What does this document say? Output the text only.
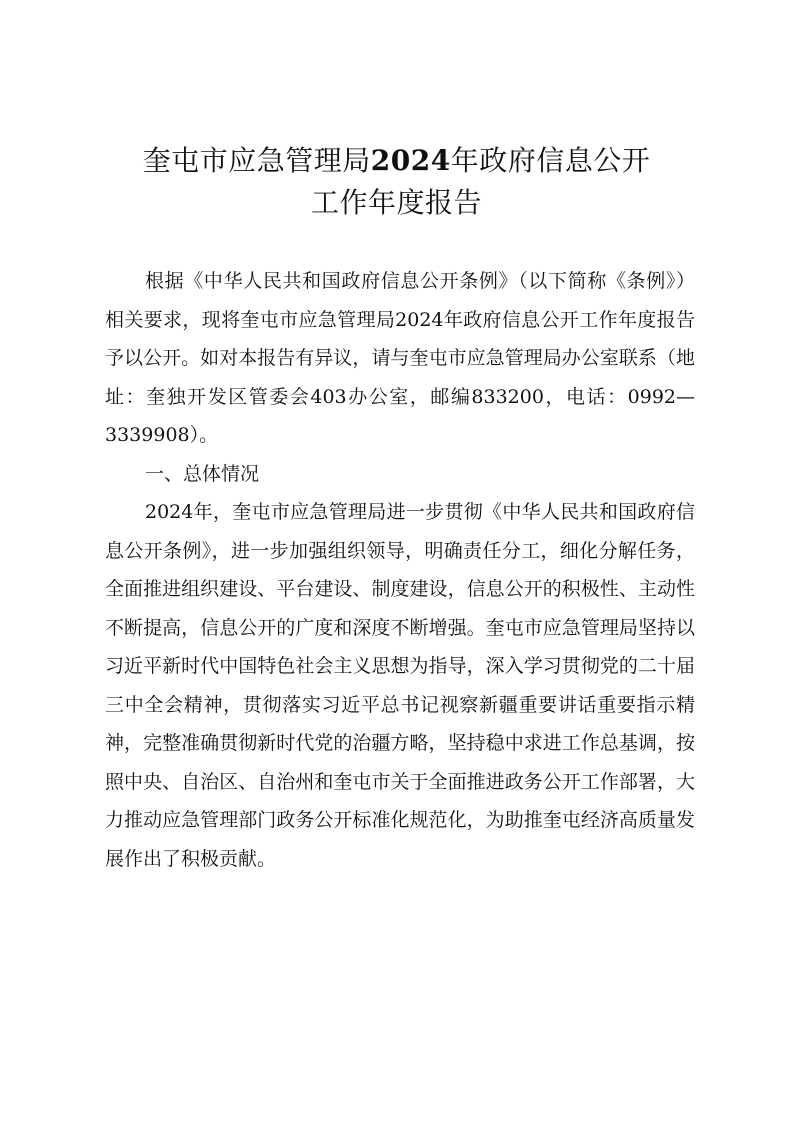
奎屯市应急管理局2024年政府信息公开
工作年度报告

根据《中华人民共和国政府信息公开条例》（以下简称《条例》）相关要求，现将奎屯市应急管理局2024年政府信息公开工作年度报告予以公开。如对本报告有异议，请与奎屯市应急管理局办公室联系（地址：奎独开发区管委会403办公室，邮编833200，电话：0992—3339908）。

一、总体情况

2024年，奎屯市应急管理局进一步贯彻《中华人民共和国政府信息公开条例》，进一步加强组织领导，明确责任分工，细化分解任务，全面推进组织建设、平台建设、制度建设，信息公开的积极性、主动性不断提高，信息公开的广度和深度不断增强。奎屯市应急管理局坚持以习近平新时代中国特色社会主义思想为指导，深入学习贯彻党的二十届三中全会精神，贯彻落实习近平总书记视察新疆重要讲话重要指示精神，完整准确贯彻新时代党的治疆方略，坚持稳中求进工作总基调，按照中央、自治区、自治州和奎屯市关于全面推进政务公开工作部署，大力推动应急管理部门政务公开标准化规范化，为助推奎屯经济高质量发展作出了积极贡献。
